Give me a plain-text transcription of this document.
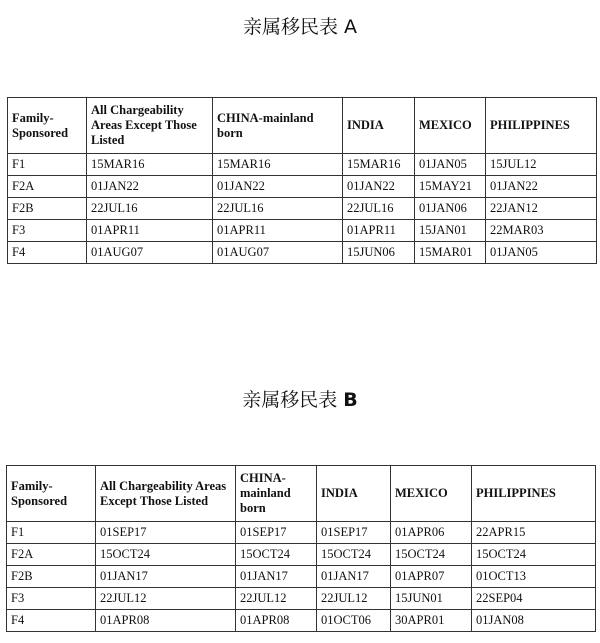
亲属移民表 A
Family-Sponsored	All Chargeability Areas Except Those Listed	CHINA-mainland born	INDIA	MEXICO	PHILIPPINES
F1	15MAR16	15MAR16	15MAR16	01JAN05	15JUL12
F2A	01JAN22	01JAN22	01JAN22	15MAY21	01JAN22
F2B	22JUL16	22JUL16	22JUL16	01JAN06	22JAN12
F3	01APR11	01APR11	01APR11	15JAN01	22MAR03
F4	01AUG07	01AUG07	15JUN06	15MAR01	01JAN05
亲属移民表 B
Family-Sponsored	All Chargeability Areas Except Those Listed	CHINA-mainland born	INDIA	MEXICO	PHILIPPINES
F1	01SEP17	01SEP17	01SEP17	01APR06	22APR15
F2A	15OCT24	15OCT24	15OCT24	15OCT24	15OCT24
F2B	01JAN17	01JAN17	01JAN17	01APR07	01OCT13
F3	22JUL12	22JUL12	22JUL12	15JUN01	22SEP04
F4	01APR08	01APR08	01OCT06	30APR01	01JAN08
